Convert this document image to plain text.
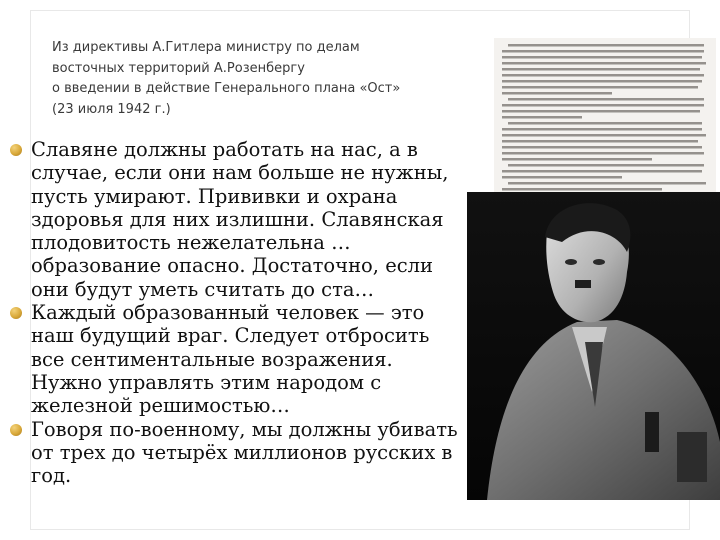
Из директивы А.Гитлера министру по делам
восточных территорий А.Розенбергу
о введении в действие Генерального плана «Ост»
(23 июля 1942 г.)
Славяне должны работать на нас, а в случае, если они нам больше не нужны, пусть умирают. Прививки и охрана здоровья для них излишни. Славянская плодовитость нежелательна … образование опасно. Достаточно, если они будут уметь считать до ста…
Каждый образованный человек — это наш будущий враг. Следует отбросить все сентиментальные возражения. Нужно управлять этим народом с железной решимостью…
Говоря по-военному, мы должны убивать от трех до четырёх миллионов русских в год.
